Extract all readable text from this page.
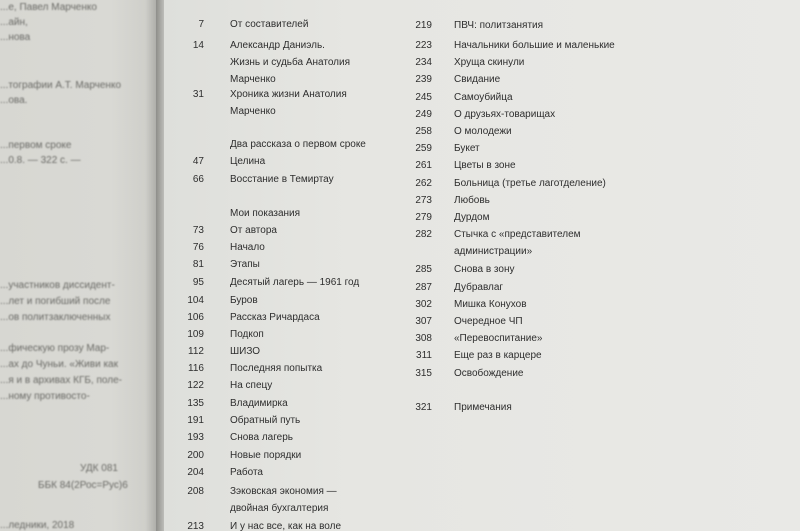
...е, Павел Марченко
...айн,
...нова
...тографии А.Т. Марченко
...ова.
...первом сроке
...0.8. — 322 с. —
...участников диссидент-
...лет и погибший после
...ов политзаключенных
...фическую прозу Мар-
...ах до Чуньи. «Живи как
...я и в архивах КГБ, поле-
...ному противосто-
УДК 081
ББК 84(2Рос=Рус)6
...ледники, 2018
7	От составителей
14	Александр Даниэль.
Жизнь и судьба Анатолия
Марченко
31	Хроника жизни Анатолия
Марченко
Два рассказа о первом сроке
47	Целина
66	Восстание в Темиртау
Мои показания
73	От автора
76	Начало
81	Этапы
95	Десятый лагерь — 1961 год
104	Буров
106	Рассказ Ричардаса
109	Подкоп
112	ШИЗО
116	Последняя попытка
122	На спецу
135	Владимирка
191	Обратный путь
193	Снова лагерь
200	Новые порядки
204	Работа
208	Зэковская экономия —
двойная бухгалтерия
213	И у нас все, как на воле
219 ПВЧ: политзанятия
223 Начальники большие и маленькие
234 Хруща скинули
239 Свидание
245 Самоубийца
249 О друзьях-товарищах
258 О молодежи
259 Букет
261 Цветы в зоне
262 Больница (третье лаготделение)
273 Любовь
279 Дурдом
282 Стычка с «представителем
администрации»
285 Снова в зону
287 Дубравлаг
302 Мишка Конухов
307 Очередное ЧП
308 «Перевоспитание»
311 Еще раз в карцере
315 Освобождение
321 Примечания
